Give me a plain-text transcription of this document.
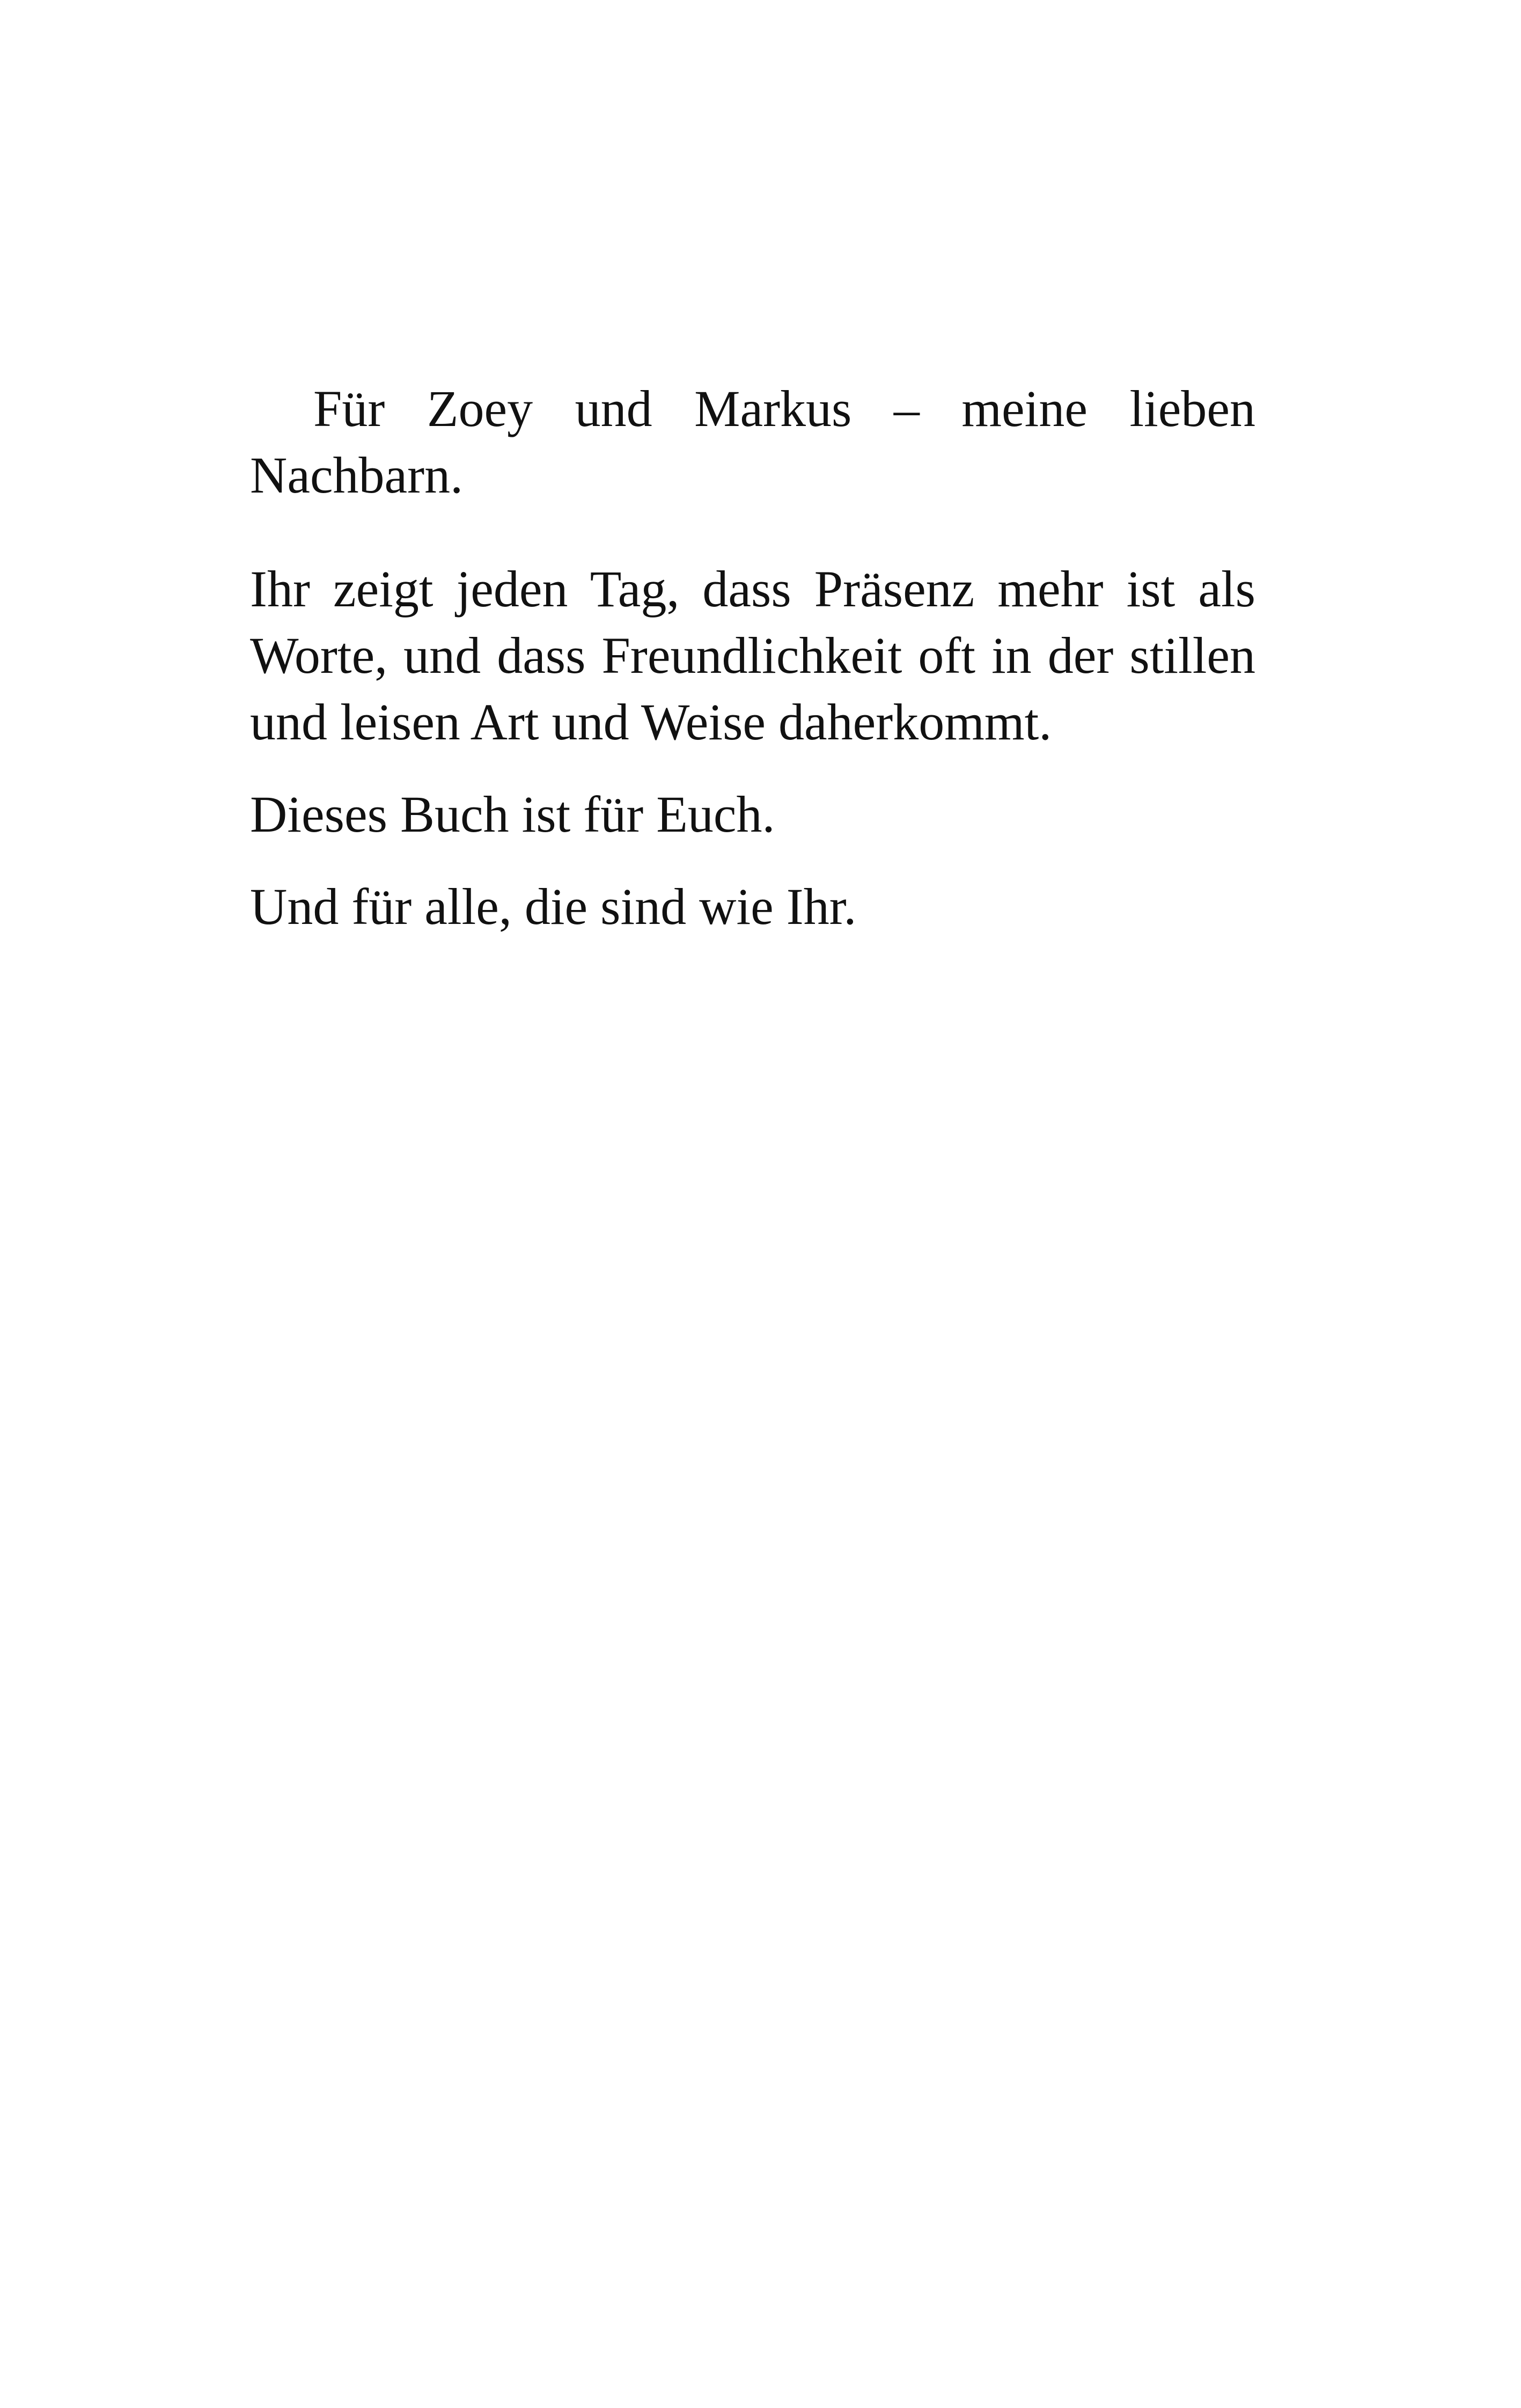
Für Zoey und Markus – meine lieben Nachbarn.

Ihr zeigt jeden Tag, dass Präsenz mehr ist als Worte, und dass Freundlichkeit oft in der stillen und leisen Art und Weise daherkommt.

Dieses Buch ist für Euch.

Und für alle, die sind wie Ihr.
